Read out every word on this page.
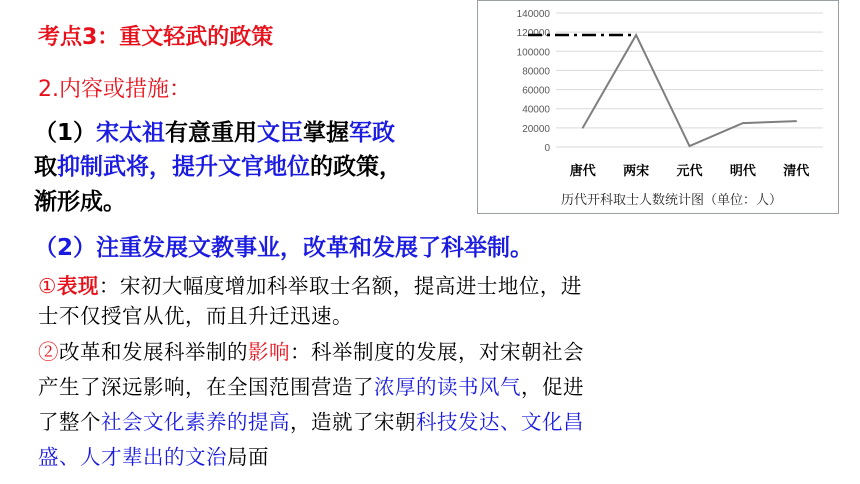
考点3：重文轻武的政策
2.内容或措施：
（1）宋太祖有意重用文臣掌握军政
取抑制武将，提升文官地位的政策，
渐形成。
（2）注重发展文教事业，改革和发展了科举制。
①表现：宋初大幅度增加科举取士名额，提高进士地位，进
士不仅授官从优，而且升迁迅速。
②改革和发展科举制的影响：科举制度的发展，对宋朝社会
产生了深远影响，在全国范围营造了浓厚的读书风气，促进
了整个社会文化素养的提高，造就了宋朝科技发达、文化昌
盛、人才辈出的文治局面
0
20000
40000
60000
80000
100000
120000
140000
唐代 两宋 元代 明代 清代
历代开科取士人数统计图（单位：人）
